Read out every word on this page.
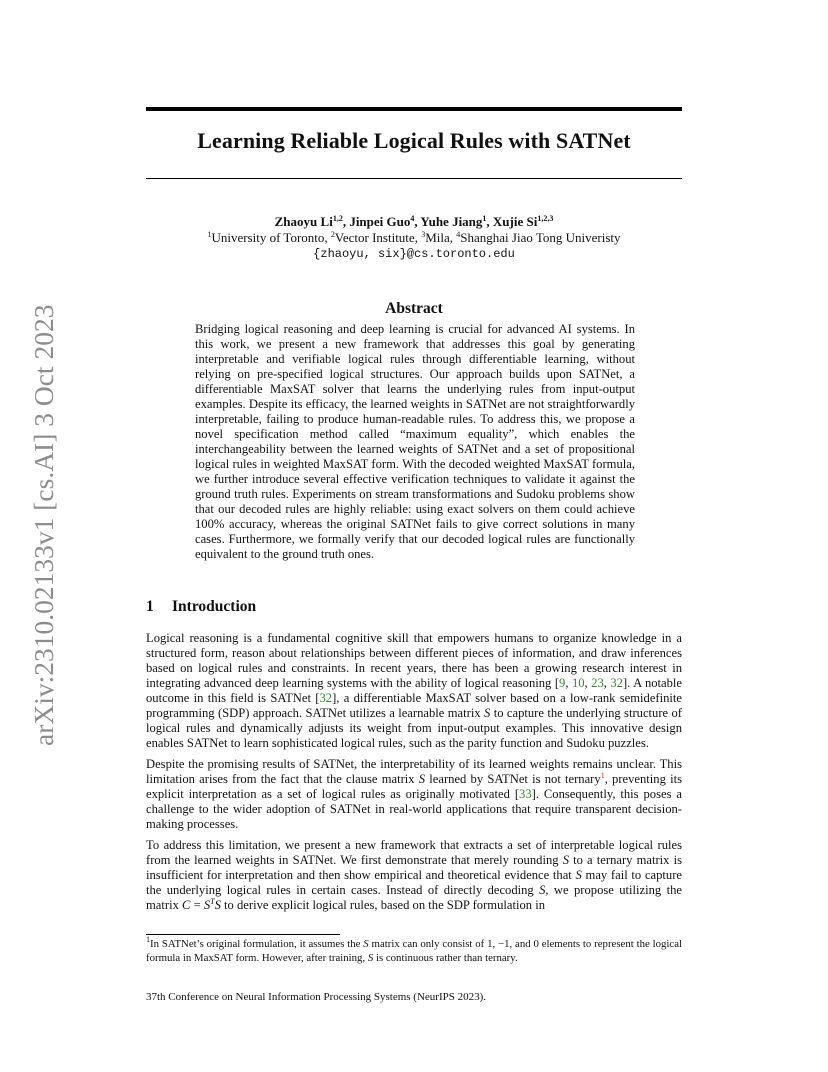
arXiv:2310.02133v1 [cs.AI] 3 Oct 2023
Learning Reliable Logical Rules with SATNet
Zhaoyu Li$^{1,2}$, Jinpei Guo$^4$, Yuhe Jiang$^1$, Xujie Si$^{1,2,3}$
$^1$University of Toronto, $^2$Vector Institute, $^3$Mila, $^4$Shanghai Jiao Tong Univeristy
{zhaoyu, six}@cs.toronto.edu
Abstract

Bridging logical reasoning and deep learning is crucial for advanced AI systems. In this work, we present a new framework that addresses this goal by generating interpretable and verifiable logical rules through differentiable learning, without relying on pre-specified logical structures. Our approach builds upon SATNet, a differentiable MaxSAT solver that learns the underlying rules from input-output examples. Despite its efficacy, the learned weights in SATNet are not straightforwardly interpretable, failing to produce human-readable rules. To address this, we propose a novel specification method called “maximum equality”, which enables the interchangeability between the learned weights of SATNet and a set of propositional logical rules in weighted MaxSAT form. With the decoded weighted MaxSAT formula, we further introduce several effective verification techniques to validate it against the ground truth rules. Experiments on stream transformations and Sudoku problems show that our decoded rules are highly reliable: using exact solvers on them could achieve 100% accuracy, whereas the original SATNet fails to give correct solutions in many cases. Furthermore, we formally verify that our decoded logical rules are functionally equivalent to the ground truth ones.

1 Introduction

Logical reasoning is a fundamental cognitive skill that empowers humans to organize knowledge in a structured form, reason about relationships between different pieces of information, and draw inferences based on logical rules and constraints. In recent years, there has been a growing research interest in integrating advanced deep learning systems with the ability of logical reasoning [9, 10, 23, 32]. A notable outcome in this field is SATNet [32], a differentiable MaxSAT solver based on a low-rank semidefinite programming (SDP) approach. SATNet utilizes a learnable matrix S to capture the underlying structure of logical rules and dynamically adjusts its weight from input-output examples. This innovative design enables SATNet to learn sophisticated logical rules, such as the parity function and Sudoku puzzles.

Despite the promising results of SATNet, the interpretability of its learned weights remains unclear. This limitation arises from the fact that the clause matrix S learned by SATNet is not ternary$^1$, preventing its explicit interpretation as a set of logical rules as originally motivated [33]. Consequently, this poses a challenge to the wider adoption of SATNet in real-world applications that require transparent decision-making processes.

To address this limitation, we present a new framework that extracts a set of interpretable logical rules from the learned weights in SATNet. We first demonstrate that merely rounding S to a ternary matrix is insufficient for interpretation and then show empirical and theoretical evidence that S may fail to capture the underlying logical rules in certain cases. Instead of directly decoding S, we propose utilizing the matrix $C = S^TS$ to derive explicit logical rules, based on the SDP formulation in

$^1$In SATNet’s original formulation, it assumes the S matrix can only consist of 1, −1, and 0 elements to represent the logical formula in MaxSAT form. However, after training, S is continuous rather than ternary.
37th Conference on Neural Information Processing Systems (NeurIPS 2023).
